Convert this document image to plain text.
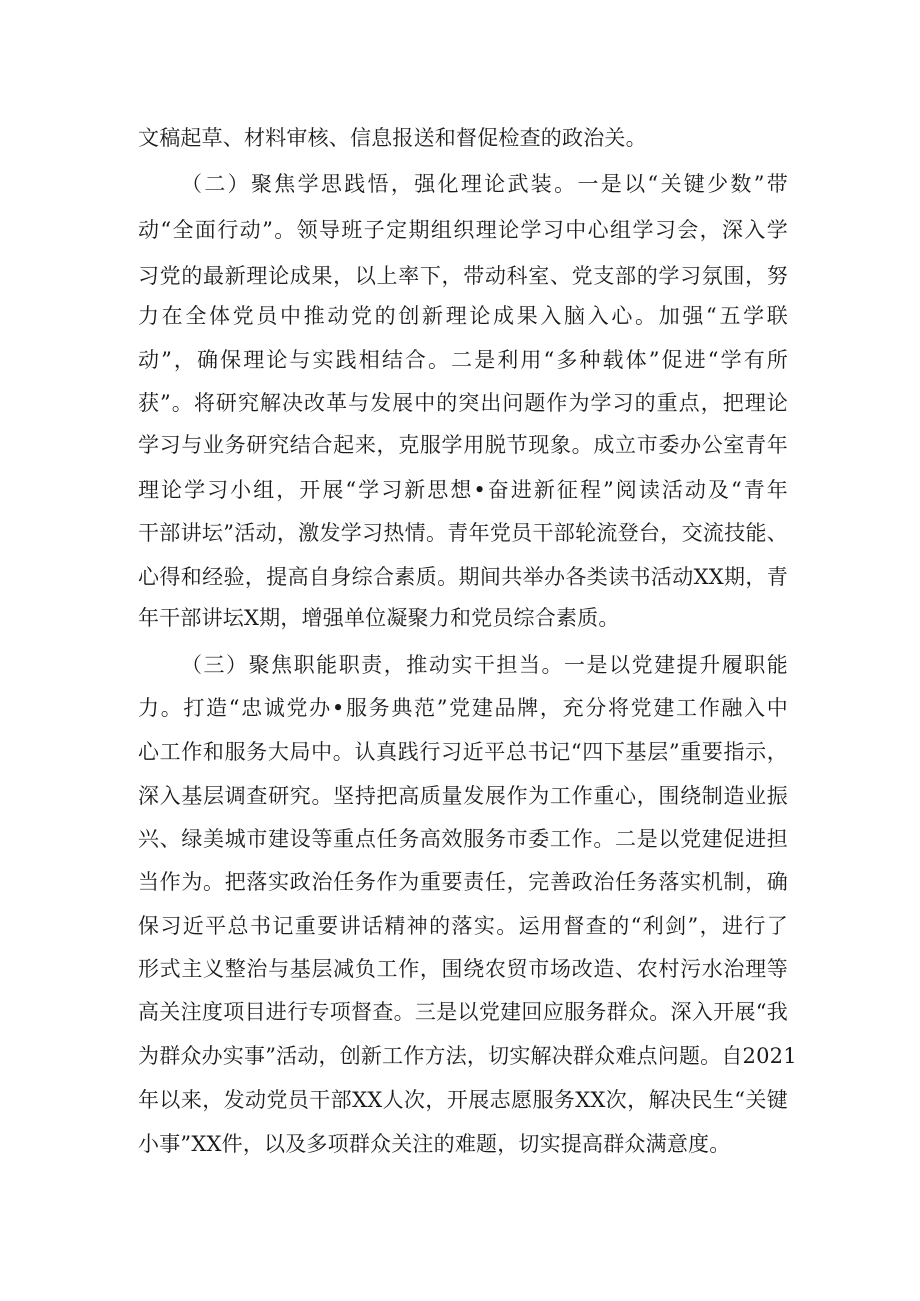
文稿起草、材料审核、信息报送和督促检查的政治关。
（二）聚焦学思践悟，强化理论武装。一是以“关键少数”带
动“全面行动”。领导班子定期组织理论学习中心组学习会，深入学
习党的最新理论成果，以上率下，带动科室、党支部的学习氛围，努
力在全体党员中推动党的创新理论成果入脑入心。加强“五学联
动”，确保理论与实践相结合。二是利用“多种载体”促进“学有所
获”。将研究解决改革与发展中的突出问题作为学习的重点，把理论
学习与业务研究结合起来，克服学用脱节现象。成立市委办公室青年
理论学习小组，开展“学习新思想•奋进新征程”阅读活动及“青年
干部讲坛”活动，激发学习热情。青年党员干部轮流登台，交流技能、
心得和经验，提高自身综合素质。期间共举办各类读书活动XX期，青
年干部讲坛X期，增强单位凝聚力和党员综合素质。
（三）聚焦职能职责，推动实干担当。一是以党建提升履职能
力。打造“忠诚党办•服务典范”党建品牌，充分将党建工作融入中
心工作和服务大局中。认真践行习近平总书记“四下基层”重要指示，
深入基层调查研究。坚持把高质量发展作为工作重心，围绕制造业振
兴、绿美城市建设等重点任务高效服务市委工作。二是以党建促进担
当作为。把落实政治任务作为重要责任，完善政治任务落实机制，确
保习近平总书记重要讲话精神的落实。运用督查的“利剑”，进行了
形式主义整治与基层减负工作，围绕农贸市场改造、农村污水治理等
高关注度项目进行专项督查。三是以党建回应服务群众。深入开展“我
为群众办实事”活动，创新工作方法，切实解决群众难点问题。自2021
年以来，发动党员干部XX人次，开展志愿服务XX次，解决民生“关键
小事”XX件，以及多项群众关注的难题，切实提高群众满意度。
